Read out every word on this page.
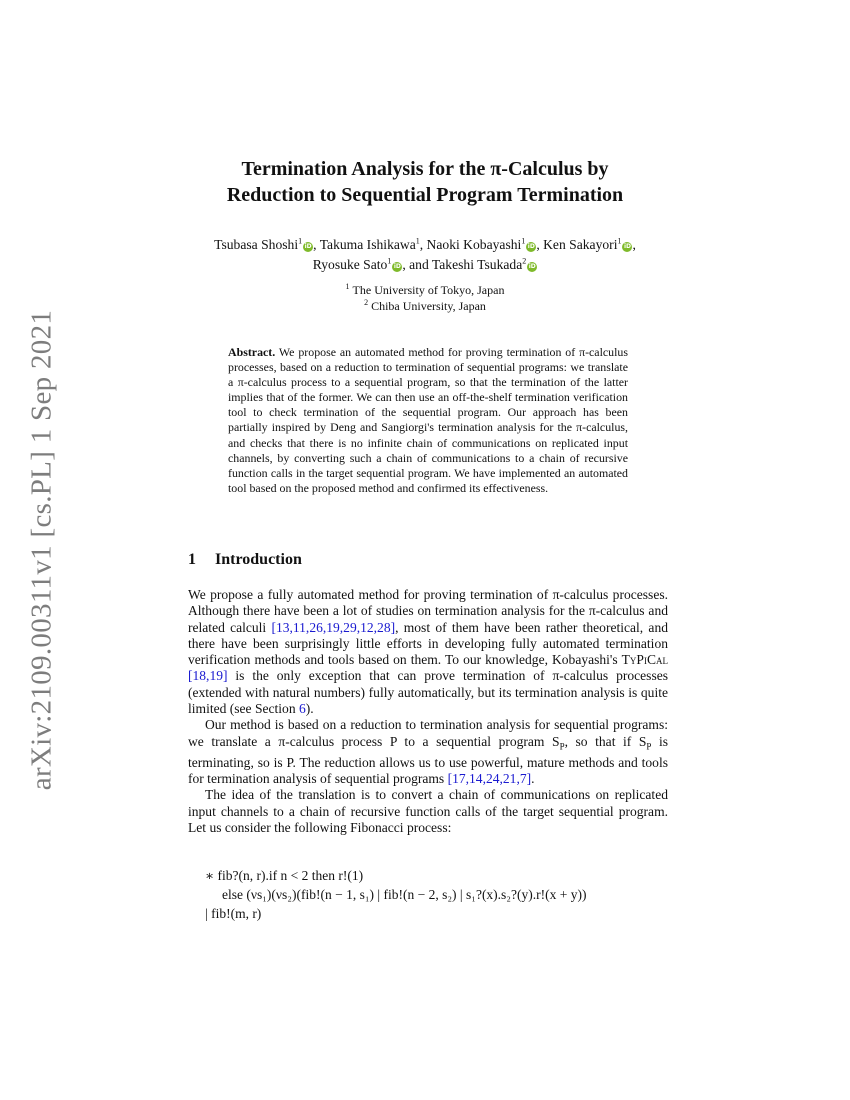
arXiv:2109.00311v1 [cs.PL] 1 Sep 2021
Termination Analysis for the π-Calculus by
Reduction to Sequential Program Termination
Tsubasa Shoshi$^1$iD, Takuma Ishikawa$^1$, Naoki Kobayashi$^1$iD, Ken Sakayori$^1$iD,
Ryosuke Sato$^1$iD, and Takeshi Tsukada$^2$iD
$^1$ The University of Tokyo, Japan
$^2$ Chiba University, Japan
Abstract. We propose an automated method for proving termination of π-calculus processes, based on a reduction to termination of sequential programs: we translate a π-calculus process to a sequential program, so that the termination of the latter implies that of the former. We can then use an off-the-shelf termination verification tool to check termination of the sequential program. Our approach has been partially inspired by Deng and Sangiorgi's termination analysis for the π-calculus, and checks that there is no infinite chain of communications on replicated input channels, by converting such a chain of communications to a chain of recursive function calls in the target sequential program. We have implemented an automated tool based on the proposed method and confirmed its effectiveness.
1 Introduction

We propose a fully automated method for proving termination of π-calculus processes. Although there have been a lot of studies on termination analysis for the π-calculus and related calculi [13,11,26,19,29,12,28], most of them have been rather theoretical, and there have been surprisingly little efforts in developing fully automated termination verification methods and tools based on them. To our knowledge, Kobayashi's TyPiCal [18,19] is the only exception that can prove termination of π-calculus processes (extended with natural numbers) fully automatically, but its termination analysis is quite limited (see Section 6).

Our method is based on a reduction to termination analysis for sequential programs: we translate a π-calculus process P to a sequential program $S_P$, so that if $S_P$ is terminating, so is P. The reduction allows us to use powerful, mature methods and tools for termination analysis of sequential programs [17,14,24,21,7].

The idea of the translation is to convert a chain of communications on replicated input channels to a chain of recursive function calls of the target sequential program. Let us consider the following Fibonacci process:

∗ fib?(n, r).if n < 2 then r!(1)
else (νs₁)(νs₂)(fib!(n − 1, s₁) | fib!(n − 2, s₂) | s₁?(x).s₂?(y).r!(x + y))
| fib!(m, r)
